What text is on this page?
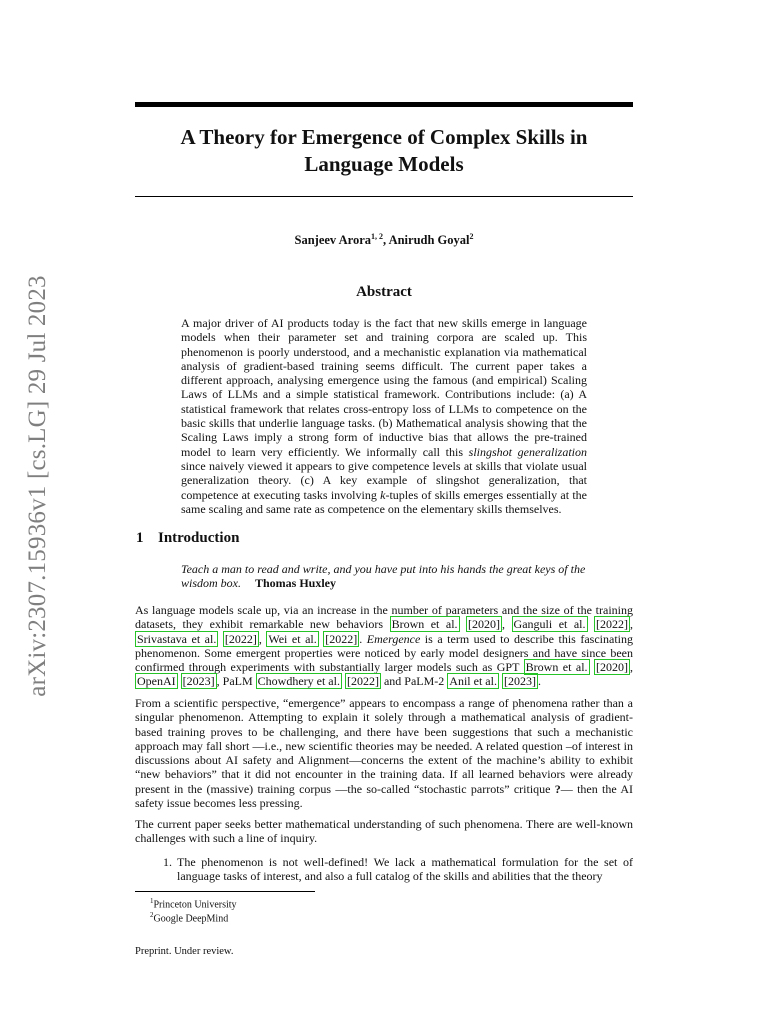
arXiv:2307.15936v1 [cs.LG] 29 Jul 2023
A Theory for Emergence of Complex Skills in
Language Models
Sanjeev Arora$^{1, 2}$, Anirudh Goyal$^2$
Abstract
A major driver of AI products today is the fact that new skills emerge in language models when their parameter set and training corpora are scaled up. This phenomenon is poorly understood, and a mechanistic explanation via mathematical analysis of gradient-based training seems difficult. The current paper takes a different approach, analysing emergence using the famous (and empirical) Scaling Laws of LLMs and a simple statistical framework. Contributions include: (a) A statistical framework that relates cross-entropy loss of LLMs to competence on the basic skills that underlie language tasks. (b) Mathematical analysis showing that the Scaling Laws imply a strong form of inductive bias that allows the pre-trained model to learn very efficiently. We informally call this slingshot generalization since naively viewed it appears to give competence levels at skills that violate usual generalization theory. (c) A key example of slingshot generalization, that competence at executing tasks involving k-tuples of skills emerges essentially at the same scaling and same rate as competence on the elementary skills themselves.
1 Introduction
Teach a man to read and write, and you have put into his hands the great keys of the wisdom box. Thomas Huxley
As language models scale up, via an increase in the number of parameters and the size of the training datasets, they exhibit remarkable new behaviors Brown et al. [2020] , Ganguli et al. [2022] , Srivastava et al. [2022] , Wei et al. [2022] . Emergence is a term used to describe this fascinating phenomenon. Some emergent properties were noticed by early model designers and have since been confirmed through experiments with substantially larger models such as GPT Brown et al. [2020] , OpenAI [2023] , PaLM Chowdhery et al. [2022] and PaLM-2 Anil et al. [2023] .
From a scientific perspective, “emergence” appears to encompass a range of phenomena rather than a singular phenomenon. Attempting to explain it solely through a mathematical analysis of gradient-based training proves to be challenging, and there have been suggestions that such a mechanistic approach may fall short —i.e., new scientific theories may be needed. A related question –of interest in discussions about AI safety and Alignment—concerns the extent of the machine’s ability to exhibit “new behaviors” that it did not encounter in the training data. If all learned behaviors were already present in the (massive) training corpus —the so-called “stochastic parrots” critique ?— then the AI safety issue becomes less pressing.
The current paper seeks better mathematical understanding of such phenomena. There are well-known challenges with such a line of inquiry.
1. The phenomenon is not well-defined! We lack a mathematical formulation for the set of language tasks of interest, and also a full catalog of the skills and abilities that the theory
$^1$Princeton University
$^2$Google DeepMind
Preprint. Under review.
